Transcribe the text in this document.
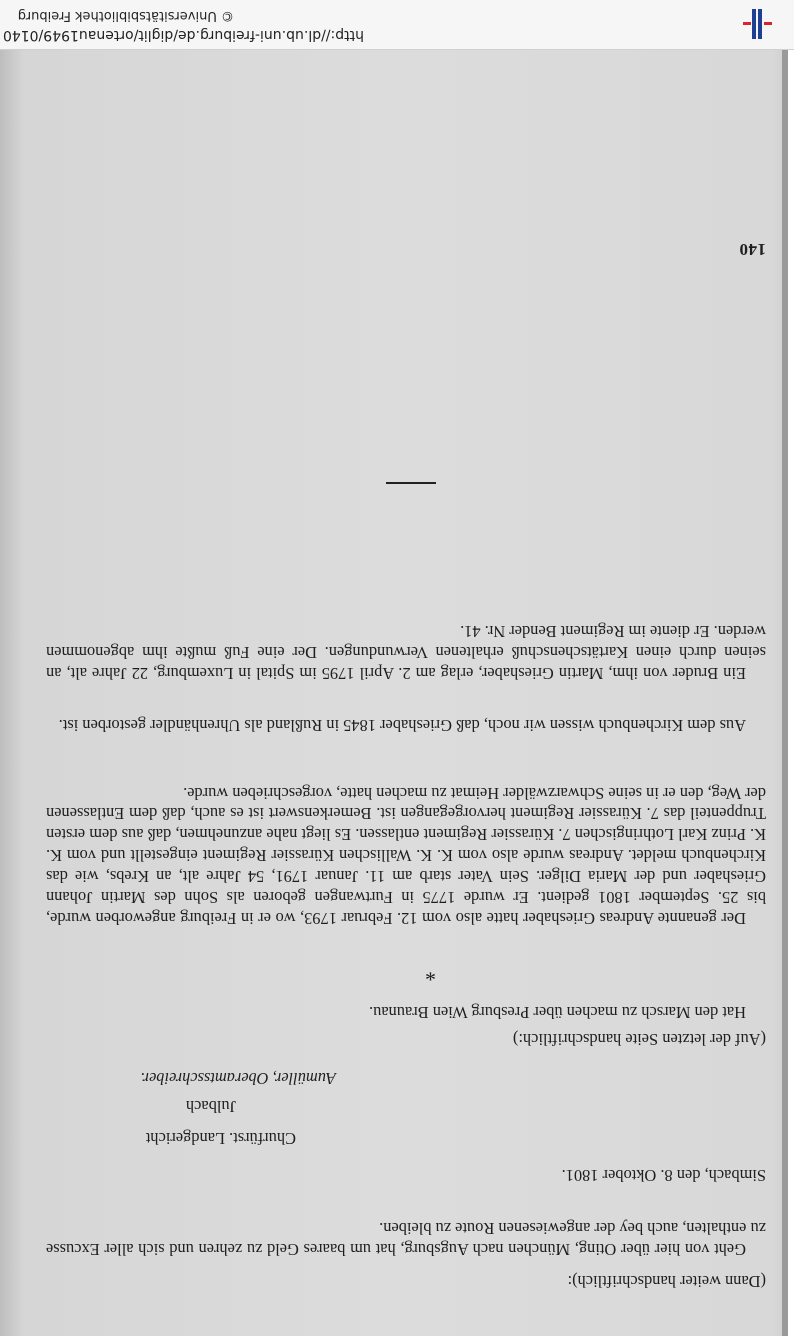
(Dann weiter handschriftlich):

Geht von hier über Oting, München nach Augsburg, hat um baares Geld zu zehren und sich aller Excusse zu enthalten, auch bey der angewiesenen Route zu bleiben.

Simbach, den 8. Oktober 1801.

Churfürst. Landgericht

Julbach

Aumüller, Oberamtsschreiber.

(Auf der letzten Seite handschriftlich:)

Hat den Marsch zu machen über Presburg Wien Braunau.

*

Der genannte Andreas Grieshaber hatte also vom 12. Februar 1793, wo er in Freiburg angeworben wurde, bis 25. September 1801 gedient. Er wurde 1775 in Furtwangen geboren als Sohn des Martin Johann Grieshaber und der Maria Dilger. Sein Vater starb am 11. Januar 1791, 54 Jahre alt, an Krebs, wie das Kirchenbuch meldet. Andreas wurde also vom K. K. Wallischen Kürassier Regiment eingestellt und vom K. K. Prinz Karl Lothringischen 7. Kürassier Regiment entlassen. Es liegt nahe anzunehmen, daß aus dem ersten Truppenteil das 7. Kürassier Regiment hervorgegangen ist. Bemerkenswert ist es auch, daß dem Entlassenen der Weg, den er in seine Schwarzwälder Heimat zu machen hatte, vorgeschrieben wurde.

Aus dem Kirchenbuch wissen wir noch, daß Grieshaber 1845 in Rußland als Uhrenhändler gestorben ist.

Ein Bruder von ihm, Martin Grieshaber, erlag am 2. April 1795 im Spital in Luxemburg, 22 Jahre alt, an seinen durch einen Kartätschenschuß erhaltenen Verwundungen. Der eine Fuß mußte ihm abgenommen werden. Er diente im Regiment Bender Nr. 41.

140
http://dl.ub.uni-freiburg.de/diglit/ortenau1949/0140
© Universitätsbibliothek Freiburg
